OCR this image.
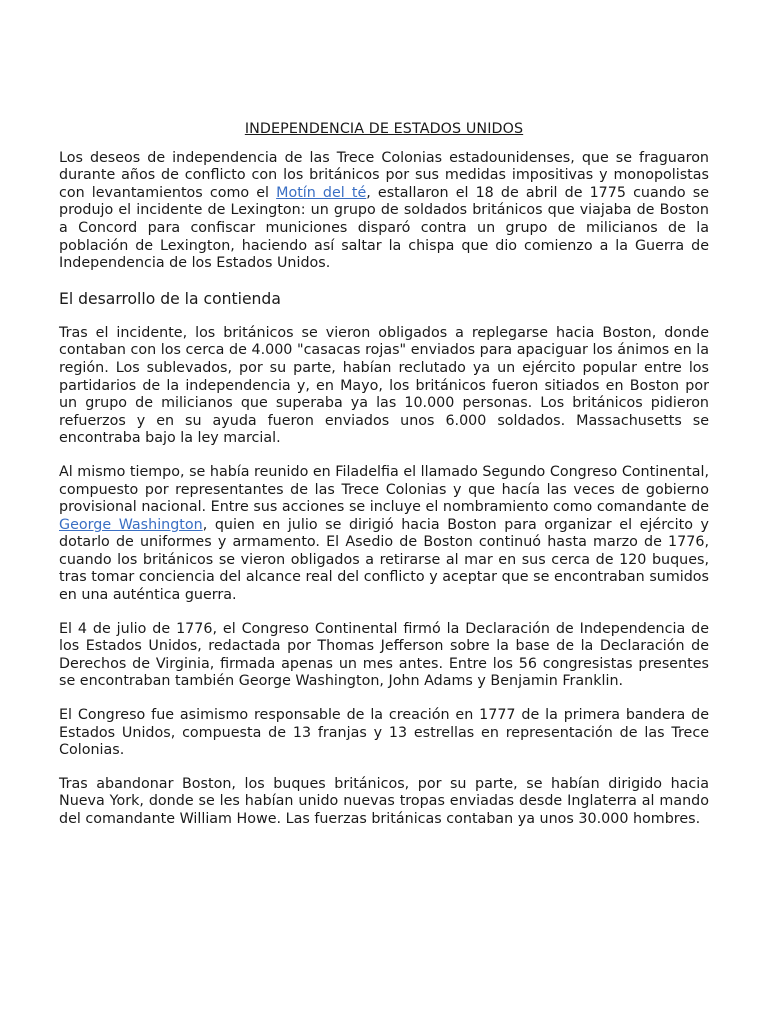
INDEPENDENCIA DE ESTADOS UNIDOS

Los deseos de independencia de las Trece Colonias estadounidenses, que se fraguaron durante años de conflicto con los británicos por sus medidas impositivas y monopolistas con levantamientos como el Motín del té, estallaron el 18 de abril de 1775 cuando se produjo el incidente de Lexington: un grupo de soldados británicos que viajaba de Boston a Concord para confiscar municiones disparó contra un grupo de milicianos de la población de Lexington, haciendo así saltar la chispa que dio comienzo a la Guerra de Independencia de los Estados Unidos.

El desarrollo de la contienda

Tras el incidente, los británicos se vieron obligados a replegarse hacia Boston, donde contaban con los cerca de 4.000 "casacas rojas" enviados para apaciguar los ánimos en la región. Los sublevados, por su parte, habían reclutado ya un ejército popular entre los partidarios de la independencia y, en Mayo, los británicos fueron sitiados en Boston por un grupo de milicianos que superaba ya las 10.000 personas. Los británicos pidieron refuerzos y en su ayuda fueron enviados unos 6.000 soldados. Massachusetts se encontraba bajo la ley marcial.

Al mismo tiempo, se había reunido en Filadelfia el llamado Segundo Congreso Continental, compuesto por representantes de las Trece Colonias y que hacía las veces de gobierno provisional nacional. Entre sus acciones se incluye el nombramiento como comandante de George Washington, quien en julio se dirigió hacia Boston para organizar el ejército y dotarlo de uniformes y armamento. El Asedio de Boston continuó hasta marzo de 1776, cuando los británicos se vieron obligados a retirarse al mar en sus cerca de 120 buques, tras tomar conciencia del alcance real del conflicto y aceptar que se encontraban sumidos en una auténtica guerra.

El 4 de julio de 1776, el Congreso Continental firmó la Declaración de Independencia de los Estados Unidos, redactada por Thomas Jefferson sobre la base de la Declaración de Derechos de Virginia, firmada apenas un mes antes. Entre los 56 congresistas presentes se encontraban también George Washington, John Adams y Benjamin Franklin.

El Congreso fue asimismo responsable de la creación en 1777 de la primera bandera de Estados Unidos, compuesta de 13 franjas y 13 estrellas en representación de las Trece Colonias.

Tras abandonar Boston, los buques británicos, por su parte, se habían dirigido hacia Nueva York, donde se les habían unido nuevas tropas enviadas desde Inglaterra al mando del comandante William Howe. Las fuerzas británicas contaban ya unos 30.000 hombres.
